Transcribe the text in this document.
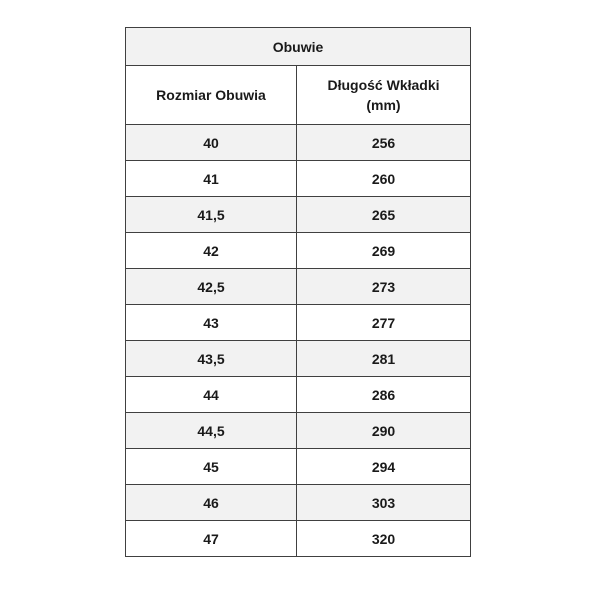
Obuwie	
Rozmiar Obuwia	Długość Wkładki
(mm)
40	256
41	260
41,5	265
42	269
42,5	273
43	277
43,5	281
44	286
44,5	290
45	294
46	303
47	320
